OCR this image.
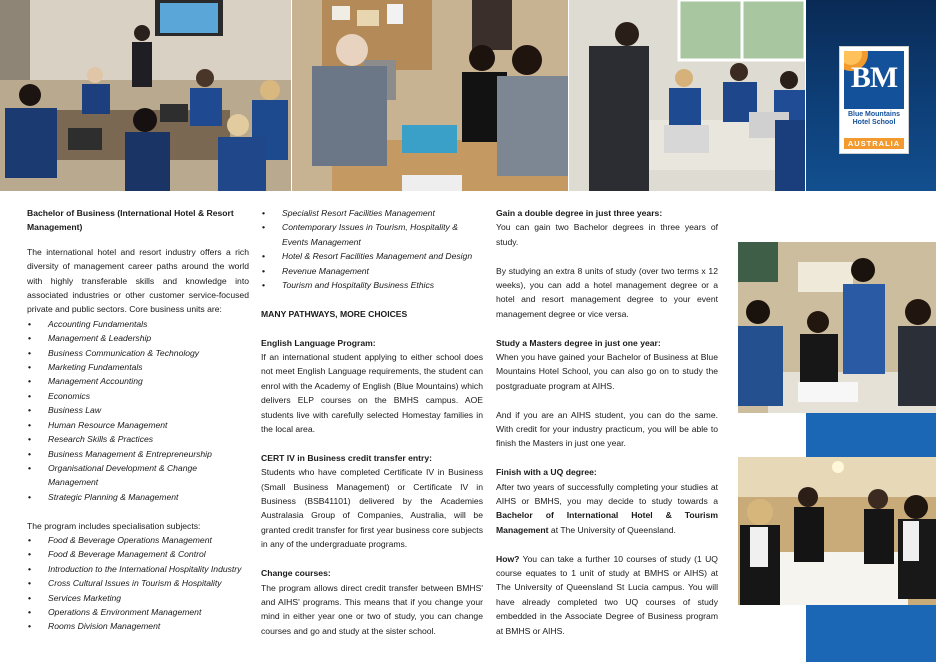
BM
Blue Mountains
Hotel School
AUSTRALIA
Bachelor of Business (International Hotel & Resort Management)

The international hotel and resort industry offers a rich diversity of management career paths around the world with highly transferable skills and knowledge into associated industries or other customer service-focused private and public sectors. Core business units are:

• Accounting Fundamentals
• Management & Leadership
• Business Communication & Technology
• Marketing Fundamentals
• Management Accounting
• Economics
• Business Law
• Human Resource Management
• Research Skills & Practices
• Business Management & Entrepreneurship
• Organisational Development & Change Management
• Strategic Planning & Management

The program includes specialisation subjects:

• Food & Beverage Operations Management
• Food & Beverage Management & Control
• Introduction to the International Hospitality Industry
• Cross Cultural Issues in Tourism & Hospitality
• Services Marketing
• Operations & Environment Management
• Rooms Division Management
• Specialist Resort Facilities Management
• Contemporary Issues in Tourism, Hospitality & Events Management
• Hotel & Resort Facilities Management and Design
• Revenue Management
• Tourism and Hospitality Business Ethics
MANY PATHWAYS, MORE CHOICES
English Language Program:

If an international student applying to either school does not meet English Language requirements, the student can enrol with the Academy of English (Blue Mountains) which delivers ELP courses on the BMHS campus. AOE students live with carefully selected Homestay families in the local area.

CERT IV in Business credit transfer entry:

Students who have completed Certificate IV in Business (Small Business Management) or Certificate IV in Business (BSB41101) delivered by the Academies Australasia Group of Companies, Australia, will be granted credit transfer for first year business core subjects in any of the undergraduate programs.

Change courses:

The program allows direct credit transfer between BMHS' and AIHS' programs. This means that if you change your mind in either year one or two of study, you can change courses and go and study at the sister school.

Gain a double degree in just three years:

You can gain two Bachelor degrees in three years of study.

By studying an extra 8 units of study (over two terms x 12 weeks), you can add a hotel management degree or a hotel and resort management degree to your event management degree or vice versa.

Study a Masters degree in just one year:

When you have gained your Bachelor of Business at Blue Mountains Hotel School, you can also go on to study the postgraduate program at AIHS.

And if you are an AIHS student, you can do the same. With credit for your industry practicum, you will be able to finish the Masters in just one year.

Finish with a UQ degree:

After two years of successfully completing your studies at AIHS or BMHS, you may decide to study towards a Bachelor of International Hotel & Tourism Management at The University of Queensland.

How? You can take a further 10 courses of study (1 UQ course equates to 1 unit of study at BMHS or AIHS) at The University of Queensland St Lucia campus. You will have already completed two UQ courses of study embedded in the Associate Degree of Business program at BMHS or AIHS.
